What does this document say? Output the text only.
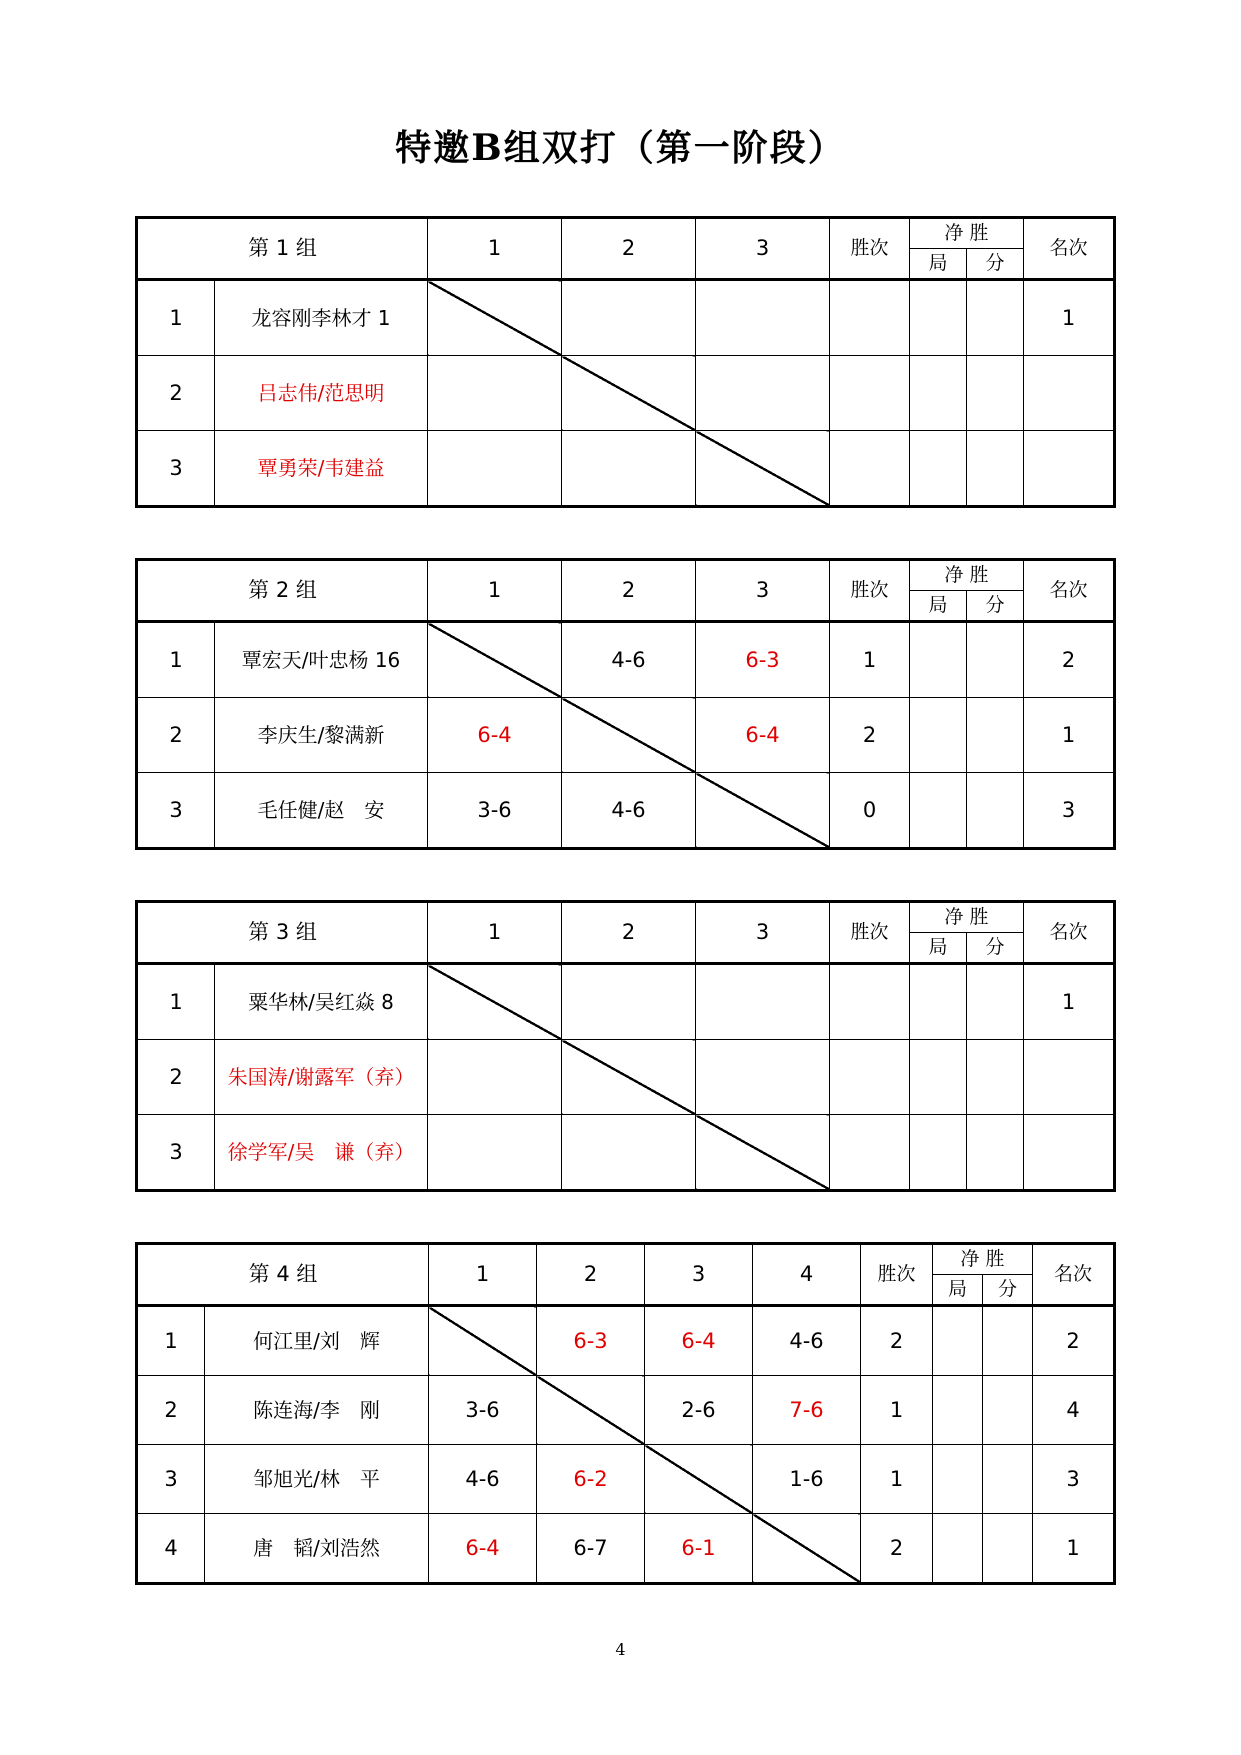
特邀B组双打（第一阶段）
第 1 组		1	2	3	胜次	净 胜		名次
						局	分	
1	龙容刚李林才 1							1
2	吕志伟/范思明							
3	覃勇荣/韦建益							
第 2 组		1	2	3	胜次	净 胜		名次
						局	分	
1	覃宏天/叶忠杨 16		4-6	6-3	1			2
2	李庆生/黎满新	6-4		6-4	2			1
3	毛任健/赵　安	3-6	4-6		0			3
第 3 组		1	2	3	胜次	净 胜		名次
						局	分	
1	粟华林/吴红焱 8							1
2	朱国涛/谢露军（弃）							
3	徐学军/吴　谦（弃）							
第 4 组		1	2	3	4	胜次	净 胜		名次
							局	分	
1	何江里/刘　辉		6-3	6-4	4-6	2			2
2	陈连海/李　刚	3-6		2-6	7-6	1			4
3	邹旭光/林　平	4-6	6-2		1-6	1			3
4	唐　韬/刘浩然	6-4	6-7	6-1		2			1
4
